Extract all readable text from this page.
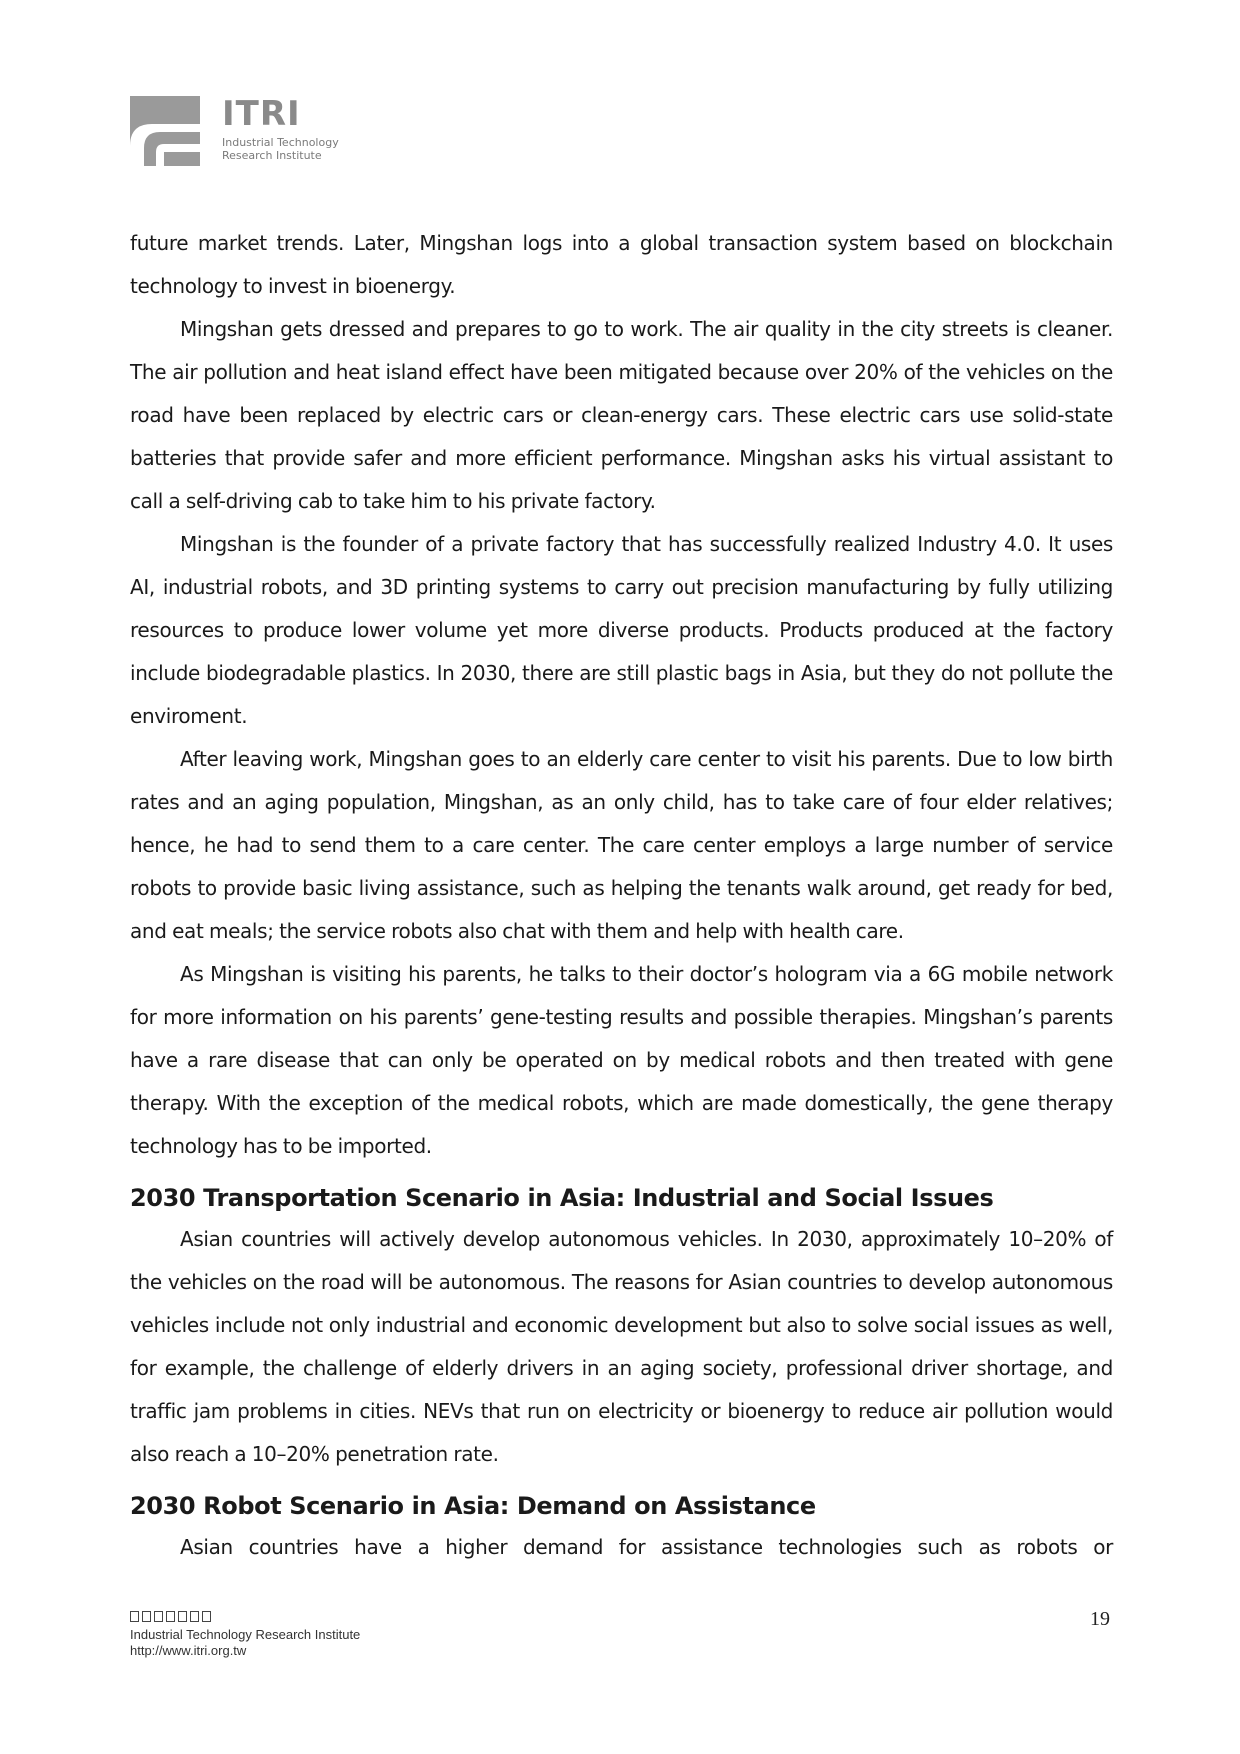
ITRI
Industrial Technology
Research Institute

future market trends. Later, Mingshan logs into a global transaction system based on blockchain technology to invest in bioenergy.

Mingshan gets dressed and prepares to go to work. The air quality in the city streets is cleaner. The air pollution and heat island effect have been mitigated because over 20% of the vehicles on the road have been replaced by electric cars or clean-energy cars. These electric cars use solid-state batteries that provide safer and more efficient performance. Mingshan asks his virtual assistant to call a self-driving cab to take him to his private factory.

Mingshan is the founder of a private factory that has successfully realized Industry 4.0. It uses AI, industrial robots, and 3D printing systems to carry out precision manufacturing by fully utilizing resources to produce lower volume yet more diverse products. Products produced at the factory include biodegradable plastics. In 2030, there are still plastic bags in Asia, but they do not pollute the enviroment.

After leaving work, Mingshan goes to an elderly care center to visit his parents. Due to low birth rates and an aging population, Mingshan, as an only child, has to take care of four elder relatives; hence, he had to send them to a care center. The care center employs a large number of service robots to provide basic living assistance, such as helping the tenants walk around, get ready for bed, and eat meals; the service robots also chat with them and help with health care.

As Mingshan is visiting his parents, he talks to their doctor’s hologram via a 6G mobile network for more information on his parents’ gene-testing results and possible therapies. Mingshan’s parents have a rare disease that can only be operated on by medical robots and then treated with gene therapy. With the exception of the medical robots, which are made domestically, the gene therapy technology has to be imported.

2030 Transportation Scenario in Asia: Industrial and Social Issues

Asian countries will actively develop autonomous vehicles. In 2030, approximately 10–20% of the vehicles on the road will be autonomous. The reasons for Asian countries to develop autonomous vehicles include not only industrial and economic development but also to solve social issues as well, for example, the challenge of elderly drivers in an aging society, professional driver shortage, and traffic jam problems in cities. NEVs that run on electricity or bioenergy to reduce air pollution would also reach a 10–20% penetration rate.

2030 Robot Scenario in Asia: Demand on Assistance

Asian countries have a higher demand for assistance technologies such as robots or

Industrial Technology Research Institute
http://www.itri.org.tw
19
